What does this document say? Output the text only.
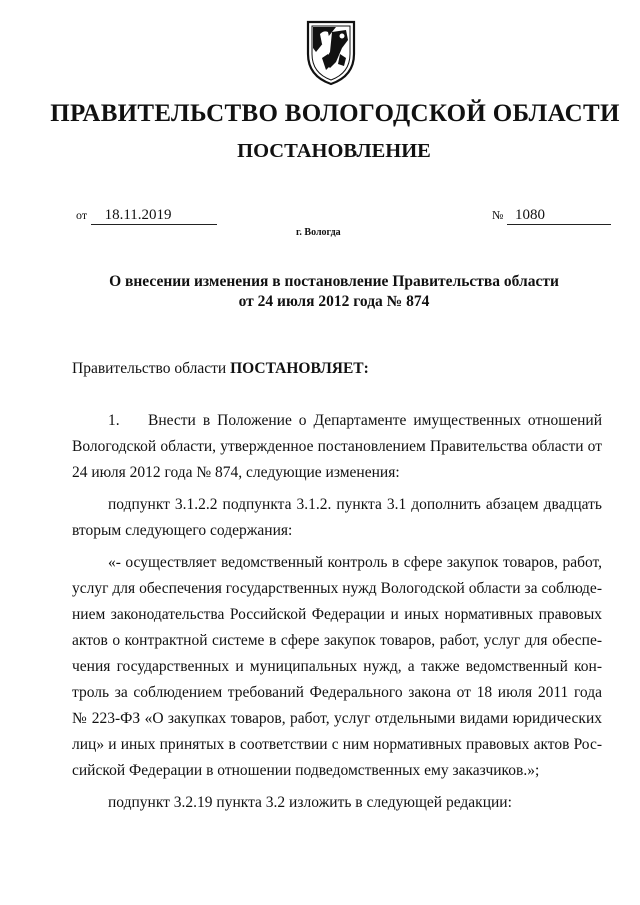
ПРАВИТЕЛЬСТВО ВОЛОГОДСКОЙ ОБЛАСТИ
ПОСТАНОВЛЕНИЕ
от 18.11.2019	№ 1080
г. Вологда
О внесении изменения в постановление Правительства области
от 24 июля 2012 года № 874
Правительство области ПОСТАНОВЛЯЕТ:

1. Внести в Положение о Департаменте имущественных отношений Вологодской области, утвержденное постановлением Правительства области от 24 июля 2012 года № 874, следующие изменения:

подпункт 3.1.2.2 подпункта 3.1.2. пункта 3.1 дополнить абзацем двадцать вторым следующего содержания:

«- осуществляет ведомственный контроль в сфере закупок товаров, работ, услуг для обеспечения государственных нужд Вологодской области за соблюдением законодательства Российской Федерации и иных нормативных правовых актов о контрактной системе в сфере закупок товаров, работ, услуг для обеспечения государственных и муниципальных нужд, а также ведомственный контроль за соблюдением требований Федерального закона от 18 июля 2011 года № 223-ФЗ «О закупках товаров, работ, услуг отдельными видами юридических лиц» и иных принятых в соответствии с ним нормативных правовых актов Российской Федерации в отношении подведомственных ему заказчиков.»;

подпункт 3.2.19 пункта 3.2 изложить в следующей редакции:
